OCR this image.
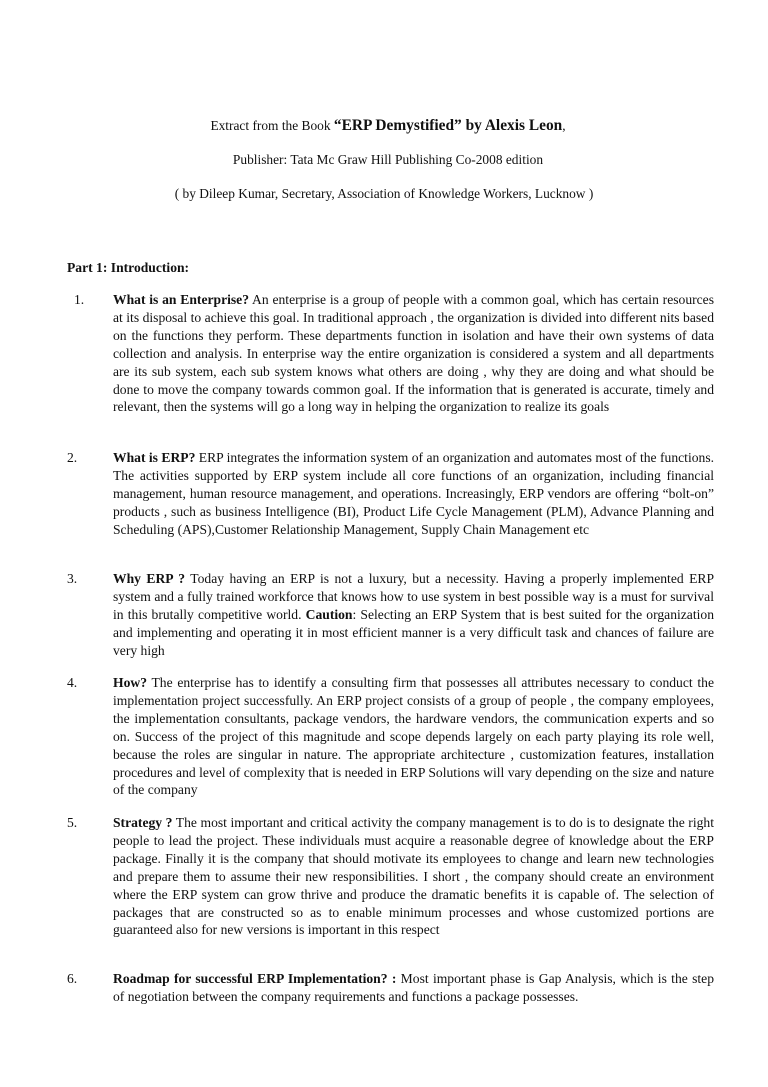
Extract from the Book “ERP Demystified” by Alexis Leon,
Publisher: Tata Mc Graw Hill Publishing Co-2008 edition
( by Dileep Kumar, Secretary, Association of Knowledge Workers, Lucknow )
Part 1: Introduction:
1. What is an Enterprise? An enterprise is a group of people with a common goal, which has certain resources at its disposal to achieve this goal. In traditional approach , the organization is divided into different nits based on the functions they perform. These departments function in isolation and have their own systems of data collection and analysis. In enterprise way the entire organization is considered a system and all departments are its sub system, each sub system knows what others are doing , why they are doing and what should be done to move the company towards common goal. If the information that is generated is accurate, timely and relevant, then the systems will go a long way in helping the organization to realize its goals
2.	What is ERP? ERP integrates the information system of an organization and automates most of the functions. The activities supported by ERP system include all core functions of an organization, including financial management, human resource management, and operations. Increasingly, ERP vendors are offering “bolt-on” products , such as business Intelligence (BI), Product Life Cycle Management (PLM), Advance Planning and Scheduling (APS),Customer Relationship Management, Supply Chain Management etc
3.	Why ERP ? Today having an ERP is not a luxury, but a necessity. Having a properly implemented ERP system and a fully trained workforce that knows how to use system in best possible way is a must for survival in this brutally competitive world. Caution: Selecting an ERP System that is best suited for the organization and implementing and operating it in most efficient manner is a very difficult task and chances of failure are very high
4.	How? The enterprise has to identify a consulting firm that possesses all attributes necessary to conduct the implementation project successfully. An ERP project consists of a group of people , the company employees, the implementation consultants, package vendors, the hardware vendors, the communication experts and so on. Success of the project of this magnitude and scope depends largely on each party playing its role well, because the roles are singular in nature. The appropriate architecture , customization features, installation procedures and level of complexity that is needed in ERP Solutions will vary depending on the size and nature of the company
5.	Strategy ? The most important and critical activity the company management is to do is to designate the right people to lead the project. These individuals must acquire a reasonable degree of knowledge about the ERP package. Finally it is the company that should motivate its employees to change and learn new technologies and prepare them to assume their new responsibilities. I short , the company should create an environment where the ERP system can grow thrive and produce the dramatic benefits it is capable of. The selection of packages that are constructed so as to enable minimum processes and whose customized portions are guaranteed also for new versions is important in this respect
6.	Roadmap for successful ERP Implementation? : Most important phase is Gap Analysis, which is the step of negotiation between the company requirements and functions a package possesses.
